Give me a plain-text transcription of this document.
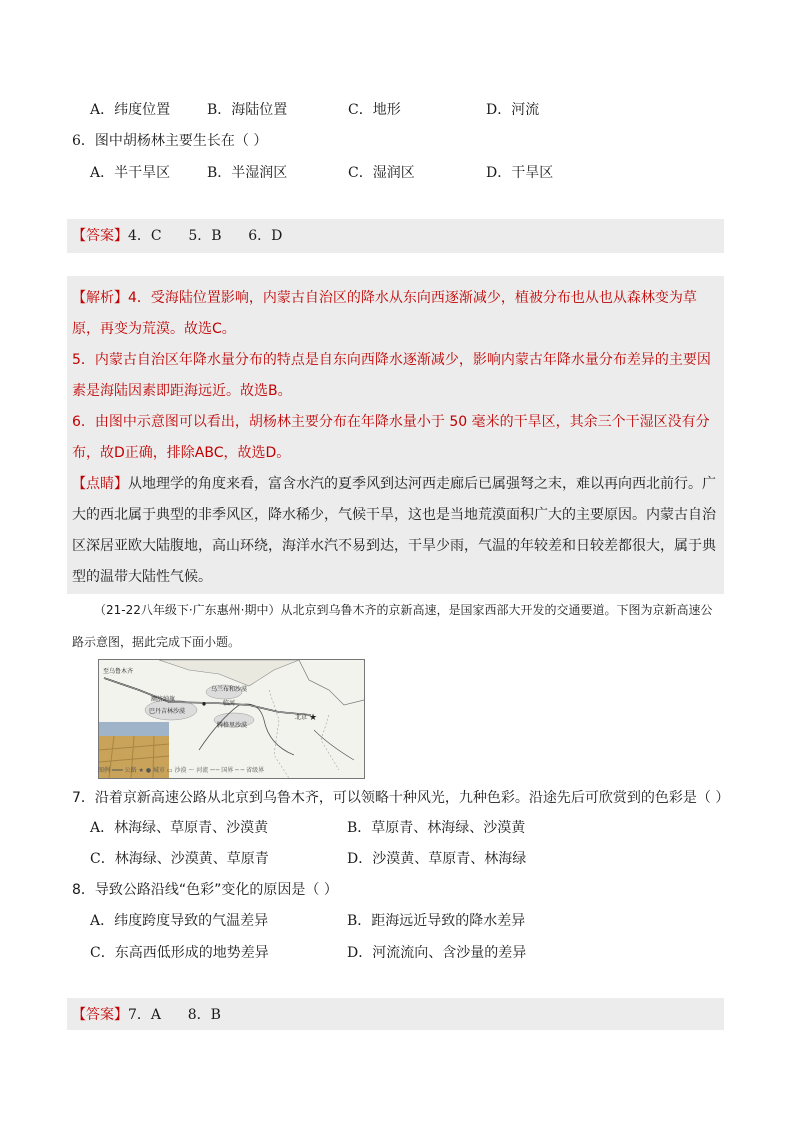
A．纬度位置	B．海陆位置	C．地形	D．河流
6．图中胡杨林主要生长在（ ）
A．半干旱区	B．半湿润区	C．湿润区	D．干旱区
【答案】4．C      5．B      6．D

【解析】4．受海陆位置影响，内蒙古自治区的降水从东向西逐渐减少，植被分布也从也从森林变为草原，再变为荒漠。故选C。

5．内蒙古自治区年降水量分布的特点是自东向西降水逐渐减少，影响内蒙古年降水量分布差异的主要因素是海陆因素即距海远近。故选B。

6．由图中示意图可以看出，胡杨林主要分布在年降水量小于 50 毫米的干旱区，其余三个干湿区没有分布，故D正确，排除ABC，故选D。

【点睛】从地理学的角度来看，富含水汽的夏季风到达河西走廊后已属强弩之末，难以再向西北前行。广大的西北属于典型的非季风区，降水稀少，气候干旱，这也是当地荒漠面积广大的主要原因。内蒙古自治区深居亚欧大陆腹地，高山环绕，海洋水汽不易到达，干旱少雨，气温的年较差和日较差都很大，属于典型的温带大陆性气候。

（21-22八年级下·广东惠州·期中）从北京到乌鲁木齐的京新高速，是国家西部大开发的交通要道。下图为京新高速公路示意图，据此完成下面小题。
★
至乌鲁木齐
额济纳旗
巴丹吉林沙漠
乌兰布和沙漠
临河
腾格里沙漠
北京
图例 ═══ 公路 ★ ● 城市 ▭ 沙漠 ～ 河流 ─·─ 国界 ─ ─ 省级界
7．沿着京新高速公路从北京到乌鲁木齐，可以领略十种风光，九种色彩。沿途先后可欣赏到的色彩是（ ）
A．林海绿、草原青、沙漠黄	B．草原青、林海绿、沙漠黄
C．林海绿、沙漠黄、草原青	D．沙漠黄、草原青、林海绿
8．导致公路沿线“色彩”变化的原因是（ ）
A．纬度跨度导致的气温差异	B．距海远近导致的降水差异
C．东高西低形成的地势差异	D．河流流向、含沙量的差异
【答案】7．A      8．B
